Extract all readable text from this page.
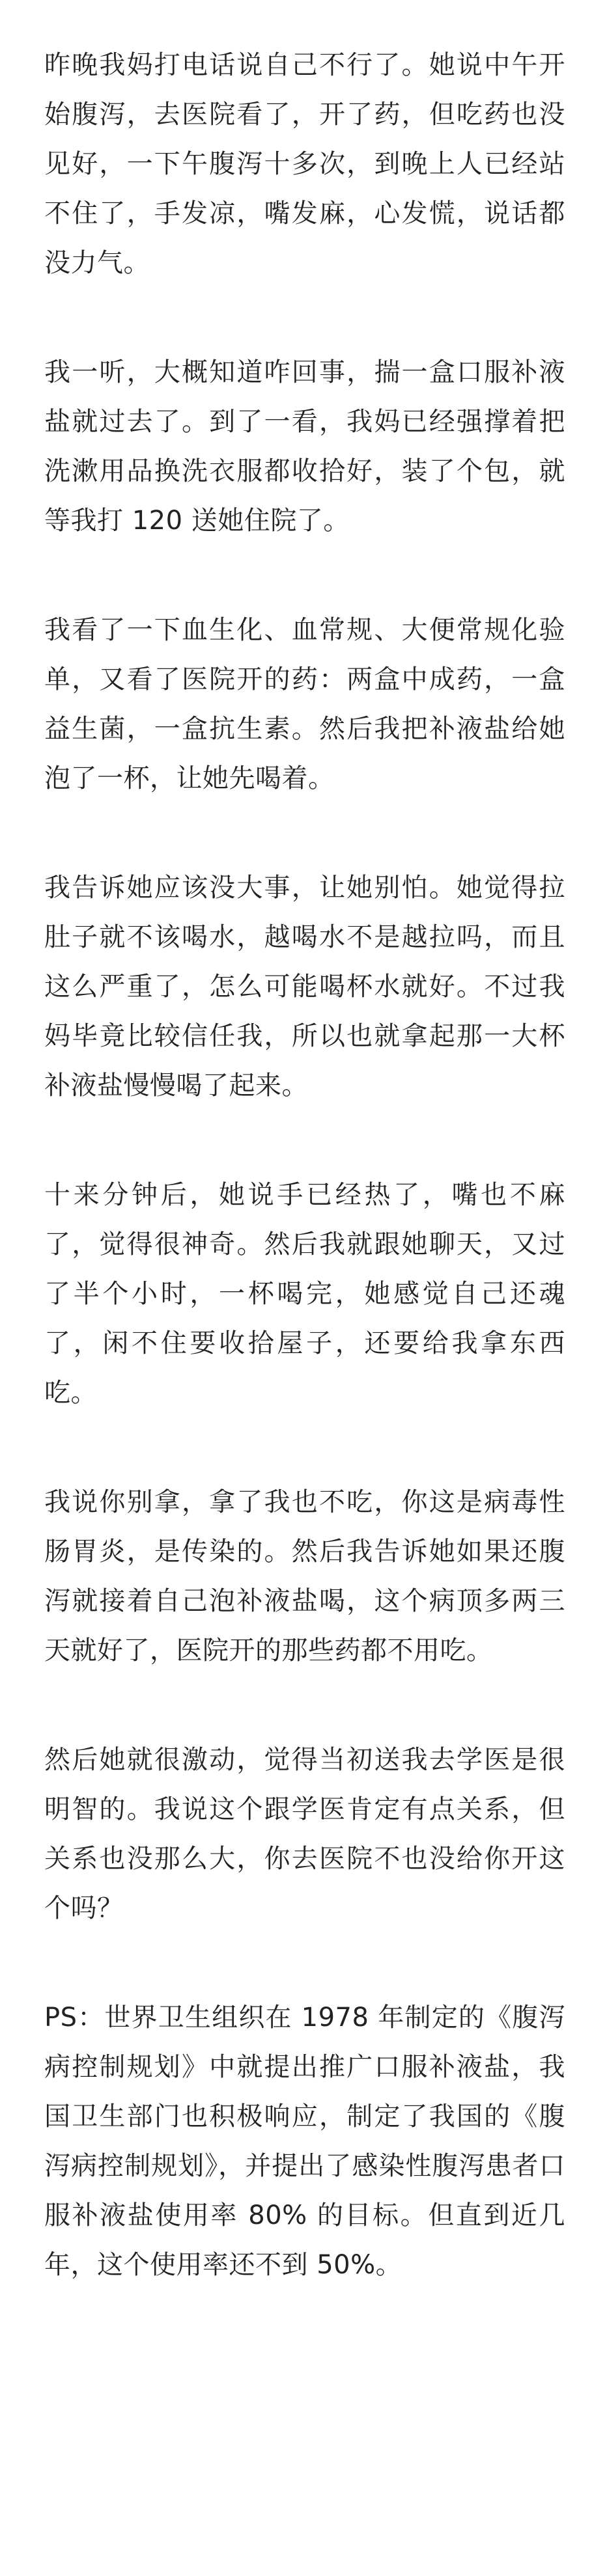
昨晚我妈打电话说自己不行了。她说中午开始腹泻，去医院看了，开了药，但吃药也没见好，一下午腹泻十多次，到晚上人已经站不住了，手发凉，嘴发麻，心发慌，说话都没力气。

我一听，大概知道咋回事，揣一盒口服补液盐就过去了。到了一看，我妈已经强撑着把洗漱用品换洗衣服都收拾好，装了个包，就等我打 120 送她住院了。

我看了一下血生化、血常规、大便常规化验单，又看了医院开的药：两盒中成药，一盒益生菌，一盒抗生素。然后我把补液盐给她泡了一杯，让她先喝着。

我告诉她应该没大事，让她别怕。她觉得拉肚子就不该喝水，越喝水不是越拉吗，而且这么严重了，怎么可能喝杯水就好。不过我妈毕竟比较信任我，所以也就拿起那一大杯补液盐慢慢喝了起来。

十来分钟后，她说手已经热了，嘴也不麻了，觉得很神奇。然后我就跟她聊天，又过了半个小时，一杯喝完，她感觉自己还魂了，闲不住要收拾屋子，还要给我拿东西吃。

我说你别拿，拿了我也不吃，你这是病毒性肠胃炎，是传染的。然后我告诉她如果还腹泻就接着自己泡补液盐喝，这个病顶多两三天就好了，医院开的那些药都不用吃。

然后她就很激动，觉得当初送我去学医是很明智的。我说这个跟学医肯定有点关系，但关系也没那么大，你去医院不也没给你开这个吗？

PS：世界卫生组织在 1978 年制定的《腹泻病控制规划》中就提出推广口服补液盐，我国卫生部门也积极响应，制定了我国的《腹泻病控制规划》，并提出了感染性腹泻患者口服补液盐使用率 80% 的目标。但直到近几年，这个使用率还不到 50%。
